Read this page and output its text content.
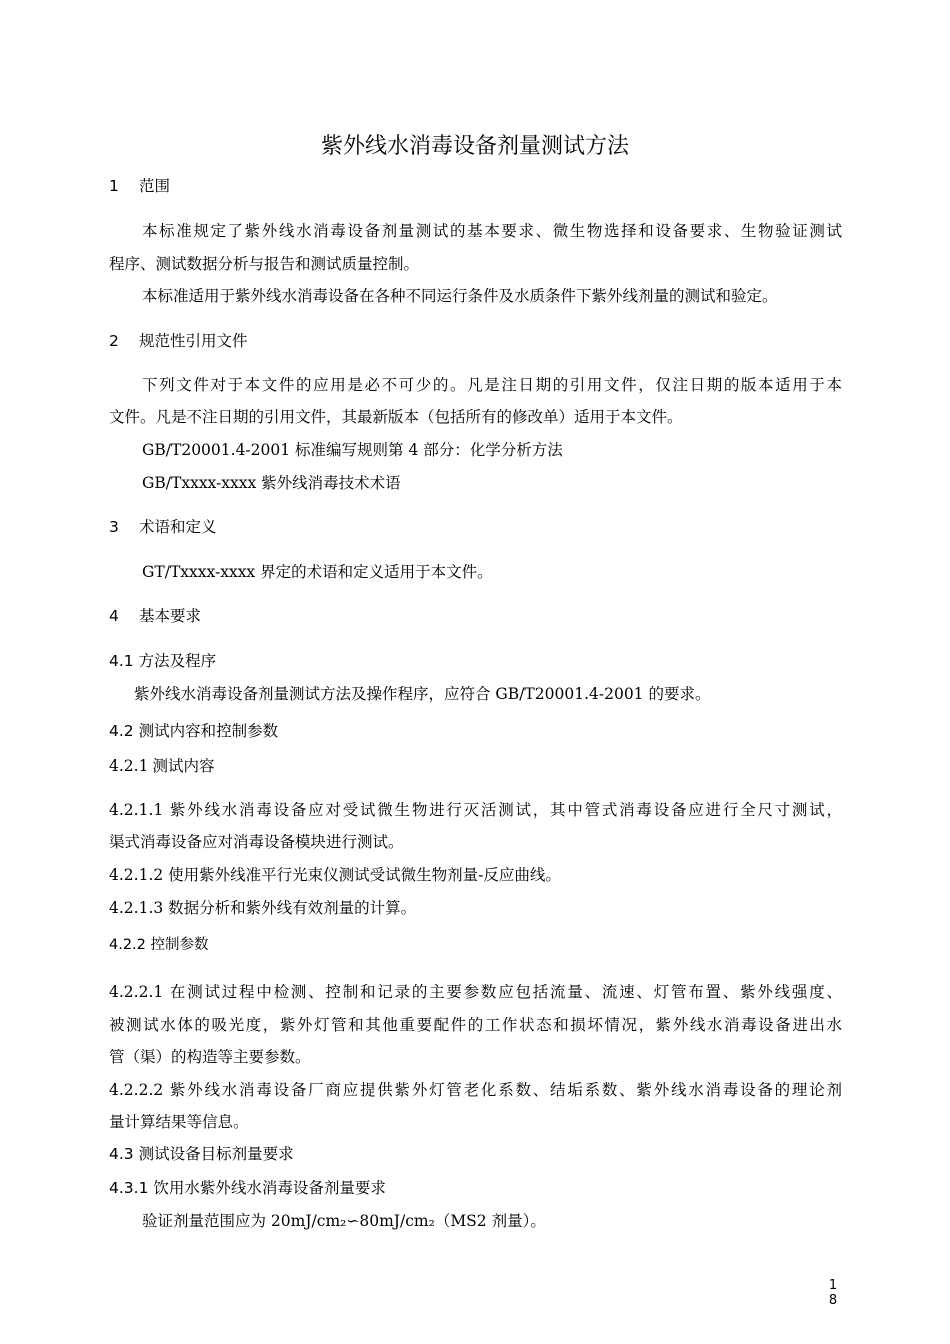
紫外线水消毒设备剂量测试方法
1 范围
本标准规定了紫外线水消毒设备剂量测试的基本要求、微生物选择和设备要求、生物验证测试
程序、测试数据分析与报告和测试质量控制。
本标准适用于紫外线水消毒设备在各种不同运行条件及水质条件下紫外线剂量的测试和验定。
2 规范性引用文件
下列文件对于本文件的应用是必不可少的。凡是注日期的引用文件，仅注日期的版本适用于本
文件。凡是不注日期的引用文件，其最新版本（包括所有的修改单）适用于本文件。
GB/T20001.4-2001 标准编写规则第 4 部分：化学分析方法
GB/Txxxx-xxxx 紫外线消毒技术术语
3 术语和定义
GT/Txxxx-xxxx 界定的术语和定义适用于本文件。
4 基本要求
4.1 方法及程序
紫外线水消毒设备剂量测试方法及操作程序，应符合 GB/T20001.4-2001 的要求。
4.2 测试内容和控制参数
4.2.1 测试内容
4.2.1.1 紫外线水消毒设备应对受试微生物进行灭活测试，其中管式消毒设备应进行全尺寸测试，
渠式消毒设备应对消毒设备模块进行测试。
4.2.1.2 使用紫外线准平行光束仪测试受试微生物剂量-反应曲线。
4.2.1.3 数据分析和紫外线有效剂量的计算。
4.2.2 控制参数
4.2.2.1 在测试过程中检测、控制和记录的主要参数应包括流量、流速、灯管布置、紫外线强度、
被测试水体的吸光度，紫外灯管和其他重要配件的工作状态和损坏情况，紫外线水消毒设备进出水
管（渠）的构造等主要参数。
4.2.2.2 紫外线水消毒设备厂商应提供紫外灯管老化系数、结垢系数、紫外线水消毒设备的理论剂
量计算结果等信息。
4.3 测试设备目标剂量要求
4.3.1 饮用水紫外线水消毒设备剂量要求
验证剂量范围应为 20mJ/cm₂∽80mJ/cm₂（MS2 剂量）。
1
8
